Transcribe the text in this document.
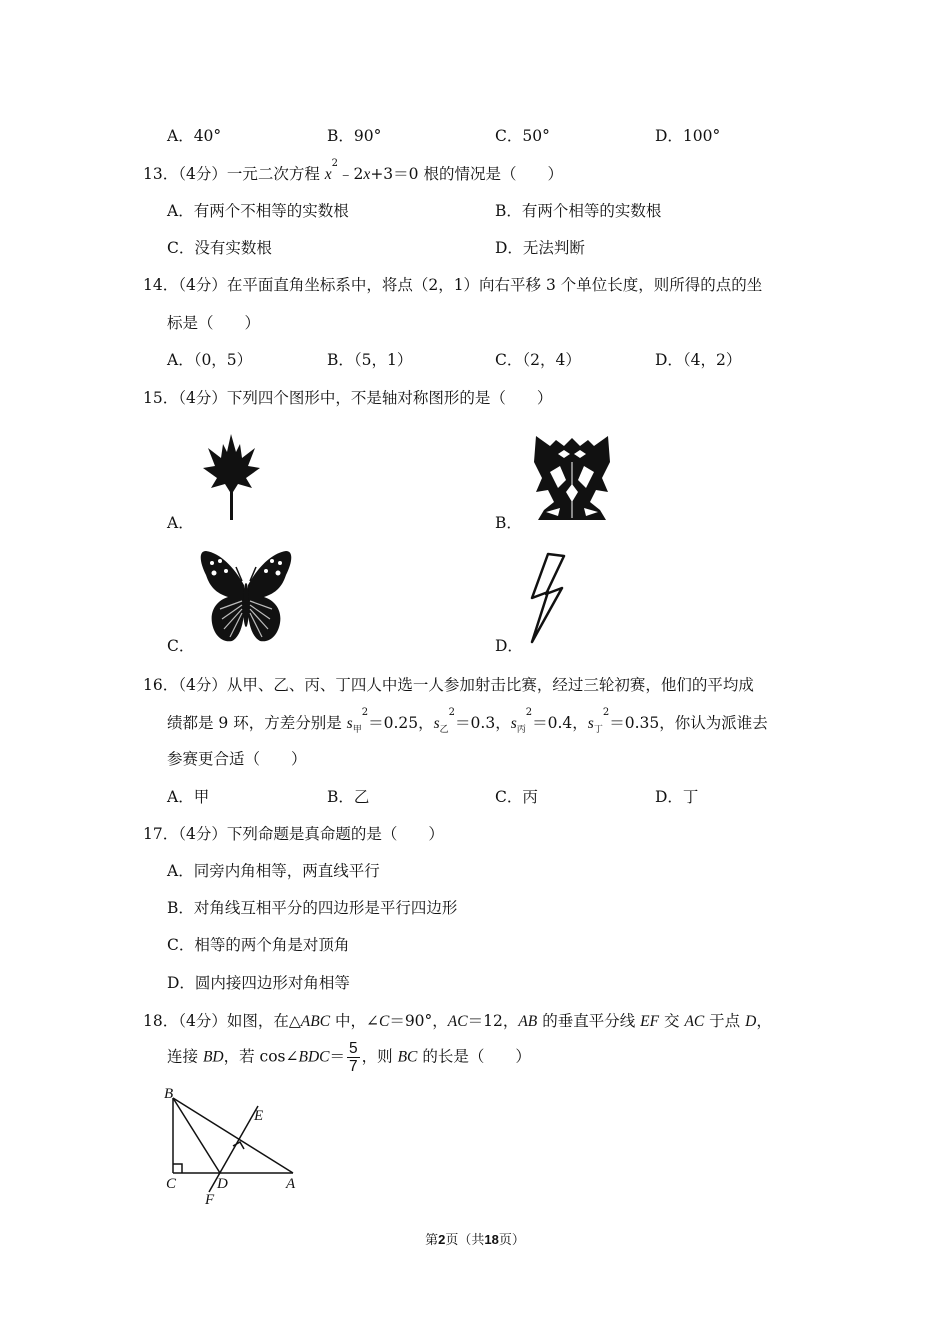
A．40°	B．90°	C．50°	D．100°
13．（4分）一元二次方程 $x^2﹣2x+3=0$ 根的情况是（　　）
A．有两个不相等的实数根	B．有两个相等的实数根
C．没有实数根	D．无法判断
14．（4分）在平面直角坐标系中，将点（2，1）向右平移 3 个单位长度，则所得的点的坐
标是（　　）
A．（0，5）	B．（5，1）	C．（2，4）	D．（4，2）
15．（4分）下列四个图形中，不是轴对称图形的是（　　）
A．	B．
C．	D．
16．（4分）从甲、乙、丙、丁四人中选一人参加射击比赛，经过三轮初赛，他们的平均成
绩都是 9 环，方差分别是 $s_甲^2=0.25$，$s_乙^2=0.3$，$s_丙^2=0.4$，$s_丁^2=0.35$，你认为派谁去
参赛更合适（　　）
A．甲	B．乙	C．丙	D．丁
17．（4分）下列命题是真命题的是（　　）
A．同旁内角相等，两直线平行
B．对角线互相平分的四边形是平行四边形
C．相等的两个角是对顶角
D．圆内接四边形对角相等
18．（4分）如图，在△ABC 中，∠C＝90°，AC＝12，AB 的垂直平分线 EF 交 AC 于点 D，
连接 BD，若 cos∠BDC＝ $\frac{5}{7}$ ，则 BC 的长是（　　）
B
E
C	D	A
F
第2页（共18页）
